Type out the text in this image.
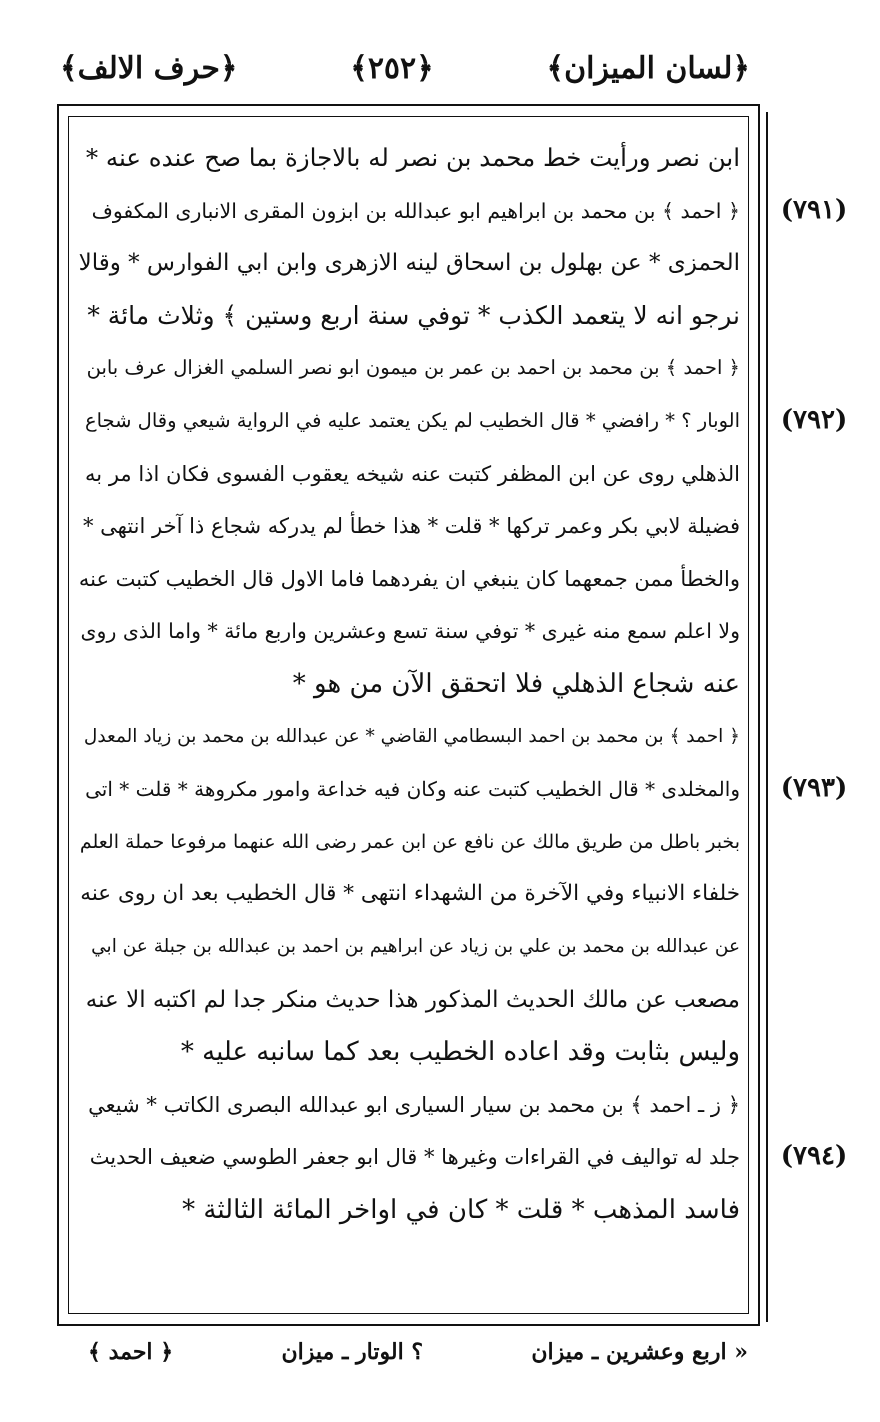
﴿لسان الميزان﴾
﴿٢٥٢﴾
﴿حرف الالف﴾
ابن نصر ورأيت خط محمد بن نصر له بالاجازة بما صح عنده عنه *
﴿ احمد ﴾ بن محمد بن ابراهيم ابو عبدالله بن ابزون المقرى الانبارى المكفوف
الحمزى * عن بهلول بن اسحاق لينه الازهرى وابن ابي الفوارس * وقالا
نرجو انه لا يتعمد الكذب * توفي سنة اربع وستين ﴾ وثلاث مائة *
﴿ احمد ﴾ بن محمد بن احمد بن عمر بن ميمون ابو نصر السلمي الغزال عرف بابن
الوبار ؟ * رافضي * قال الخطيب لم يكن يعتمد عليه في الرواية شيعي وقال شجاع
الذهلي روى عن ابن المظفر كتبت عنه شيخه يعقوب الفسوى فكان اذا مر به
فضيلة لابي بكر وعمر تركها * قلت * هذا خطأ لم يدركه شجاع ذا آخر انتهى *
والخطأ ممن جمعهما كان ينبغي ان يفردهما فاما الاول قال الخطيب كتبت عنه
ولا اعلم سمع منه غيرى * توفي سنة تسع وعشرين واربع مائة * واما الذى روى
عنه شجاع الذهلي فلا اتحقق الآن من هو *
﴿ احمد ﴾ بن محمد بن احمد البسطامي القاضي * عن عبدالله بن محمد بن زياد المعدل
والمخلدى * قال الخطيب كتبت عنه وكان فيه خداعة وامور مكروهة * قلت * اتى
بخبر باطل من طريق مالك عن نافع عن ابن عمر رضى الله عنهما مرفوعا حملة العلم
خلفاء الانبياء وفي الآخرة من الشهداء انتهى * قال الخطيب بعد ان روى عنه
عن عبدالله بن محمد بن علي بن زياد عن ابراهيم بن احمد بن عبدالله بن جبلة عن ابي
مصعب عن مالك الحديث المذكور هذا حديث منكر جدا لم اكتبه الا عنه
وليس بثابت وقد اعاده الخطيب بعد كما سانبه عليه *
﴿ ز ـ احمد ﴾ بن محمد بن سيار السيارى ابو عبدالله البصرى الكاتب * شيعي
جلد له تواليف في القراءات وغيرها * قال ابو جعفر الطوسي ضعيف الحديث
فاسد المذهب * قلت * كان في اواخر المائة الثالثة *
(٧٩١)
(٧٩٢)
(٧٩٣)
(٧٩٤)
« اربع وعشرين ـ ميزان
؟ الوتار ـ ميزان
﴿ احمد ﴾
